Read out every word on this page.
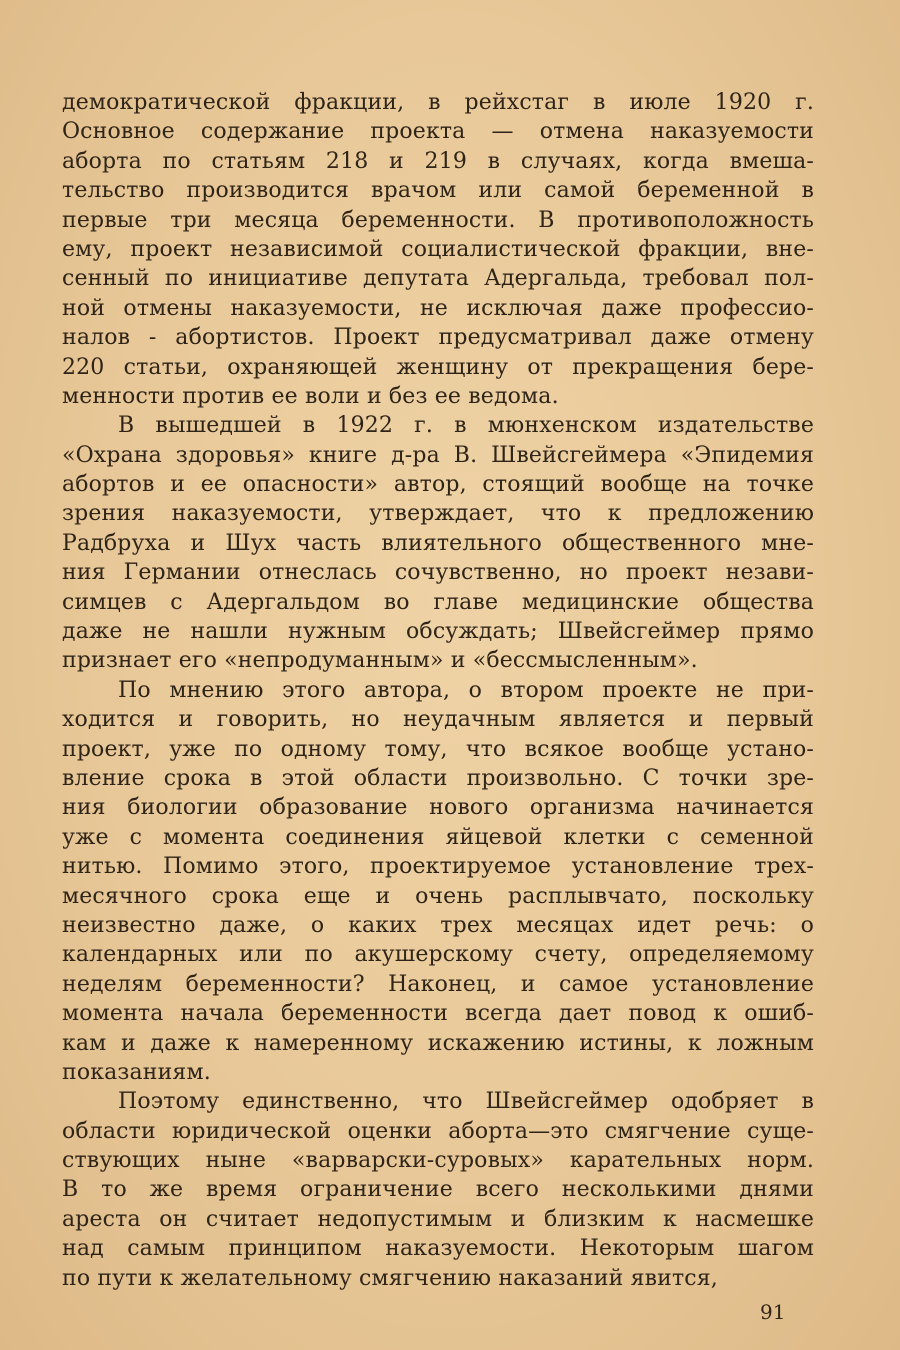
демократической фракции, в рейхстаг в июле 1920 г.
Основное содержание проекта — отмена наказуемости
аборта по статьям 218 и 219 в случаях, когда вмеша-
тельство производится врачом или самой беременной в
первые три месяца беременности. В противоположность
ему, проект независимой социалистической фракции, вне-
сенный по инициативе депутата Адергальда, требовал пол-
ной отмены наказуемости, не исключая даже профессио-
налов - абортистов. Проект предусматривал даже отмену
220 статьи, охраняющей женщину от прекращения бере-
менности против ее воли и без ее ведома.
В вышедшей в 1922 г. в мюнхенском издательстве
«Охрана здоровья» книге д-ра В. Швейсгеймера «Эпидемия
абортов и ее опасности» автор, стоящий вообще на точке
зрения наказуемости, утверждает, что к предложению
Радбруха и Шух часть влиятельного общественного мне-
ния Германии отнеслась сочувственно, но проект незави-
симцев с Адергальдом во главе медицинские общества
даже не нашли нужным обсуждать; Швейсгеймер прямо
признает его «непродуманным» и «бессмысленным».
По мнению этого автора, о втором проекте не при-
ходится и говорить, но неудачным является и первый
проект, уже по одному тому, что всякое вообще устано-
вление срока в этой области произвольно. С точки зре-
ния биологии образование нового организма начинается
уже с момента соединения яйцевой клетки с семенной
нитью. Помимо этого, проектируемое установление трех-
месячного срока еще и очень расплывчато, поскольку
неизвестно даже, о каких трех месяцах идет речь: о
календарных или по акушерскому счету, определяемому
неделям беременности? Наконец, и самое установление
момента начала беременности всегда дает повод к ошиб-
кам и даже к намеренному искажению истины, к ложным
показаниям.
Поэтому единственно, что Швейсгеймер одобряет в
области юридической оценки аборта—это смягчение суще-
ствующих ныне «варварски-суровых» карательных норм.
В то же время ограничение всего несколькими днями
ареста он считает недопустимым и близким к насмешке
над самым принципом наказуемости. Некоторым шагом
по пути к желательному смягчению наказаний явится,
91
